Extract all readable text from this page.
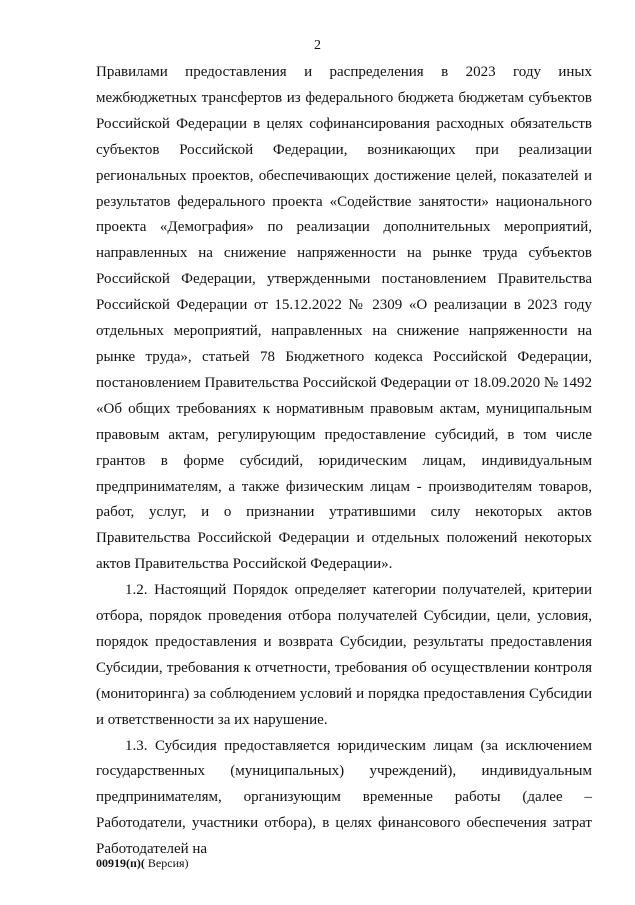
2

Правилами предоставления и распределения в 2023 году иных межбюджетных трансфертов из федерального бюджета бюджетам субъектов Российской Федерации в целях софинансирования расходных обязательств субъектов Российской Федерации, возникающих при реализации региональных проектов, обеспечивающих достижение целей, показателей и результатов федерального проекта «Содействие занятости» национального проекта «Демография» по реализации дополнительных мероприятий, направленных на снижение напряженности на рынке труда субъектов Российской Федерации, утвержденными постановлением Правительства Российской Федерации от 15.12.2022 № 2309 «О реализации в 2023 году отдельных мероприятий, направленных на снижение напряженности на рынке труда», статьей 78 Бюджетного кодекса Российской Федерации, постановлением Правительства Российской Федерации от 18.09.2020 № 1492 «Об общих требованиях к нормативным правовым актам, муниципальным правовым актам, регулирующим предоставление субсидий, в том числе грантов в форме субсидий, юридическим лицам, индивидуальным предпринимателям, а также физическим лицам - производителям товаров, работ, услуг, и о признании утратившими силу некоторых актов Правительства Российской Федерации и отдельных положений некоторых актов Правительства Российской Федерации».

1.2. Настоящий Порядок определяет категории получателей, критерии отбора, порядок проведения отбора получателей Субсидии, цели, условия, порядок предоставления и возврата Субсидии, результаты предоставления Субсидии, требования к отчетности, требования об осуществлении контроля (мониторинга) за соблюдением условий и порядка предоставления Субсидии и ответственности за их нарушение.

1.3. Субсидия предоставляется юридическим лицам (за исключением государственных (муниципальных) учреждений), индивидуальным предпринимателям, организующим временные работы (далее – Работодатели, участники отбора), в целях финансового обеспечения затрат Работодателей на

00919(п)( Версия)
